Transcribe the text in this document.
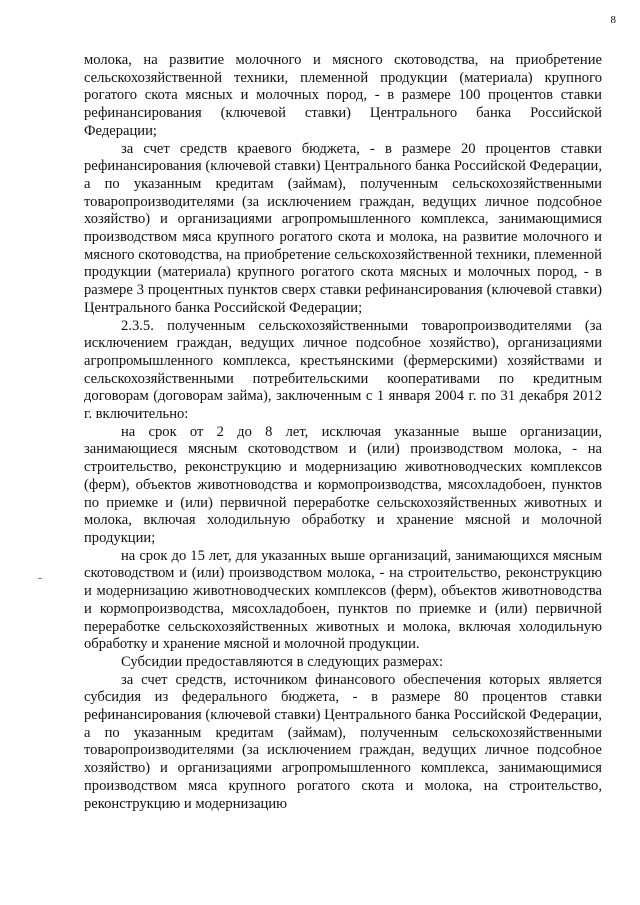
8

молока, на развитие молочного и мясного скотоводства, на приобретение сельскохозяйственной техники, племенной продукции (материала) крупного рогатого скота мясных и молочных пород, - в размере 100 процентов ставки рефинансирования (ключевой ставки) Центрального банка Российской Федерации;

за счет средств краевого бюджета, - в размере 20 процентов ставки рефинансирования (ключевой ставки) Центрального банка Российской Федерации, а по указанным кредитам (займам), полученным сельскохозяйственными товаропроизводителями (за исключением граждан, ведущих личное подсобное хозяйство) и организациями агропромышленного комплекса, занимающимися производством мяса крупного рогатого скота и молока, на развитие молочного и мясного скотоводства, на приобретение сельскохозяйственной техники, племенной продукции (материала) крупного рогатого скота мясных и молочных пород, - в размере 3 процентных пунктов сверх ставки рефинансирования (ключевой ставки) Центрального банка Российской Федерации;

2.3.5. полученным сельскохозяйственными товаропроизводителями (за исключением граждан, ведущих личное подсобное хозяйство), организациями агропромышленного комплекса, крестьянскими (фермерскими) хозяйствами и сельскохозяйственными потребительскими кооперативами по кредитным договорам (договорам займа), заключенным с 1 января 2004 г. по 31 декабря 2012 г. включительно:

на срок от 2 до 8 лет, исключая указанные выше организации, занимающиеся мясным скотоводством и (или) производством молока, - на строительство, реконструкцию и модернизацию животноводческих комплексов (ферм), объектов животноводства и кормопроизводства, мясохладобоен, пунктов по приемке и (или) первичной переработке сельскохозяйственных животных и молока, включая холодильную обработку и хранение мясной и молочной продукции;

на срок до 15 лет, для указанных выше организаций, занимающихся мясным скотоводством и (или) производством молока, - на строительство, реконструкцию и модернизацию животноводческих комплексов (ферм), объектов животноводства и кормопроизводства, мясохладобоен, пунктов по приемке и (или) первичной переработке сельскохозяйственных животных и молока, включая холодильную обработку и хранение мясной и молочной продукции.

Субсидии предоставляются в следующих размерах:

за счет средств, источником финансового обеспечения которых является субсидия из федерального бюджета, - в размере 80 процентов ставки рефинансирования (ключевой ставки) Центрального банка Российской Федерации, а по указанным кредитам (займам), полученным сельскохозяйственными товаропроизводителями (за исключением граждан, ведущих личное подсобное хозяйство) и организациями агропромышленного комплекса, занимающимися производством мяса крупного рогатого скота и молока, на строительство, реконструкцию и модернизацию
